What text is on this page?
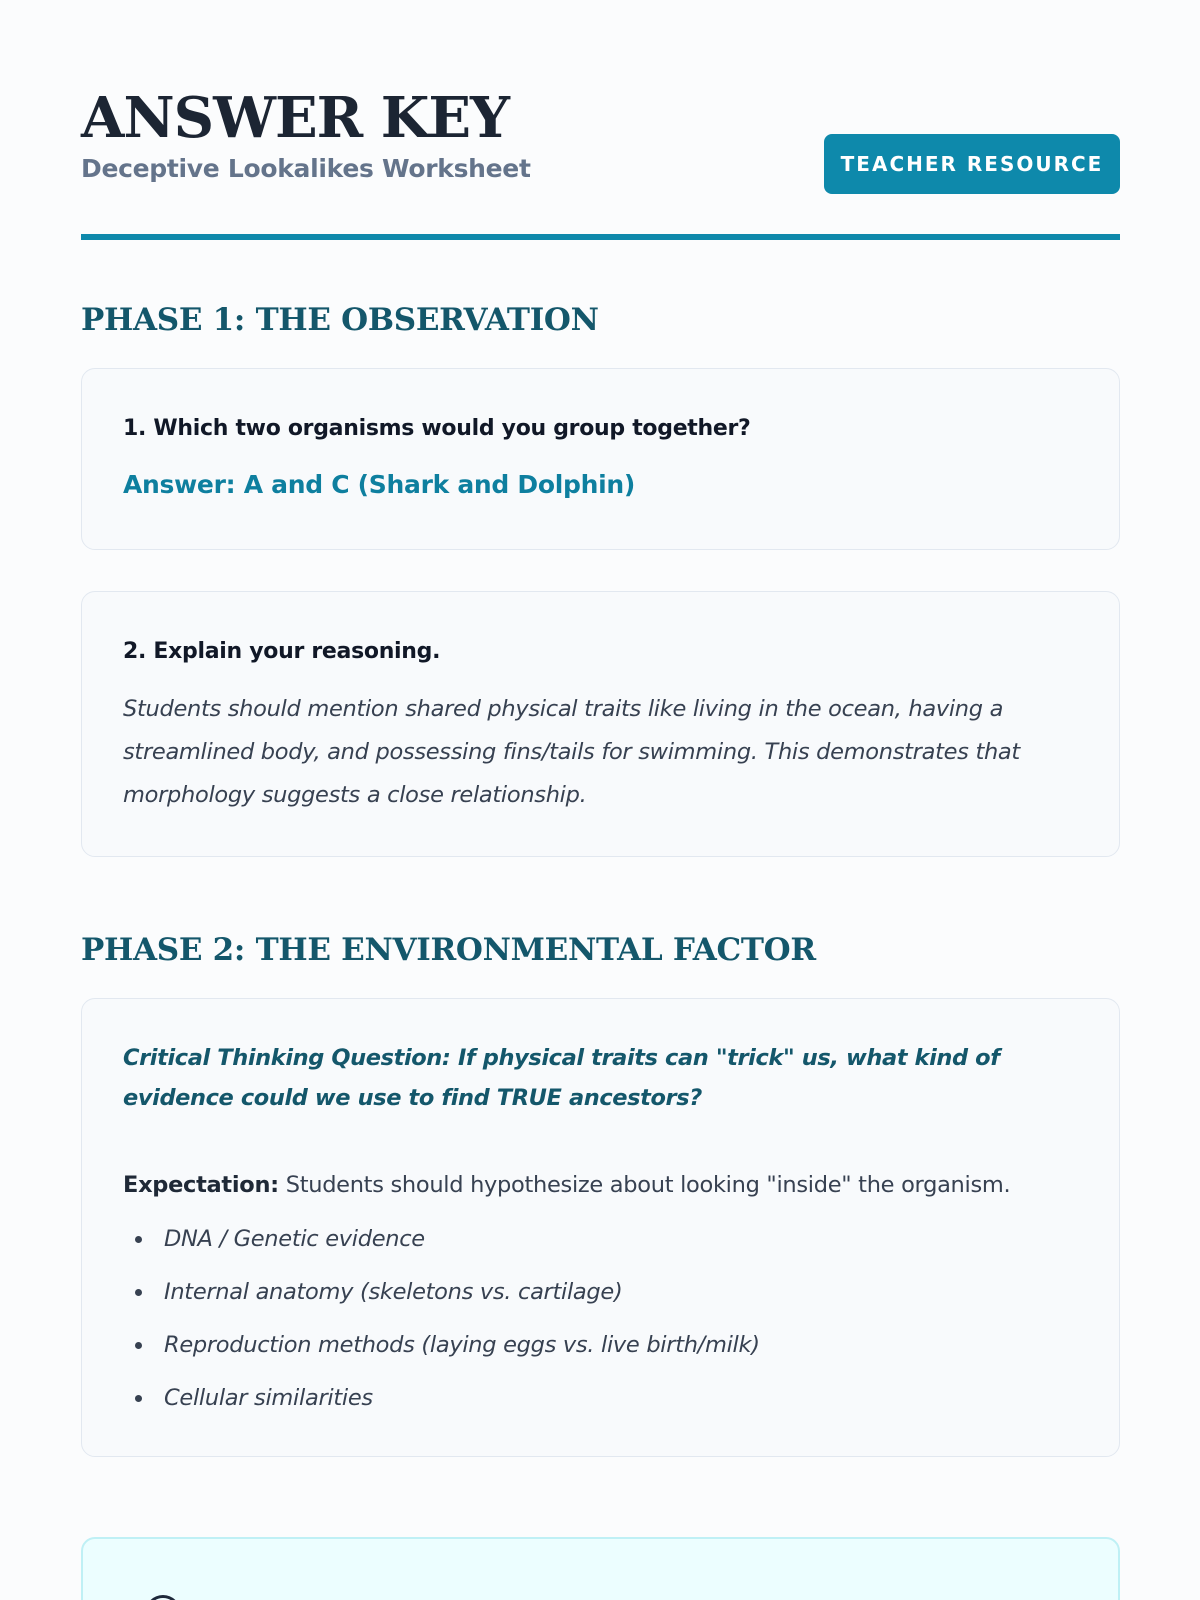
ANSWER KEY
Deceptive Lookalikes Worksheet	TEACHER RESOURCE
PHASE 1: THE OBSERVATION
1. Which two organisms would you group together?
Answer: A and C (Shark and Dolphin)
2. Explain your reasoning.
Students should mention shared physical traits like living in the ocean, having a streamlined body, and possessing fins/tails for swimming. This demonstrates that morphology suggests a close relationship.
PHASE 2: THE ENVIRONMENTAL FACTOR
Critical Thinking Question: If physical traits can "trick" us, what kind of evidence could we use to find TRUE ancestors?
Expectation: Students should hypothesize about looking "inside" the organism.
DNA / Genetic evidence
Internal anatomy (skeletons vs. cartilage)
Reproduction methods (laying eggs vs. live birth/milk)
Cellular similarities
